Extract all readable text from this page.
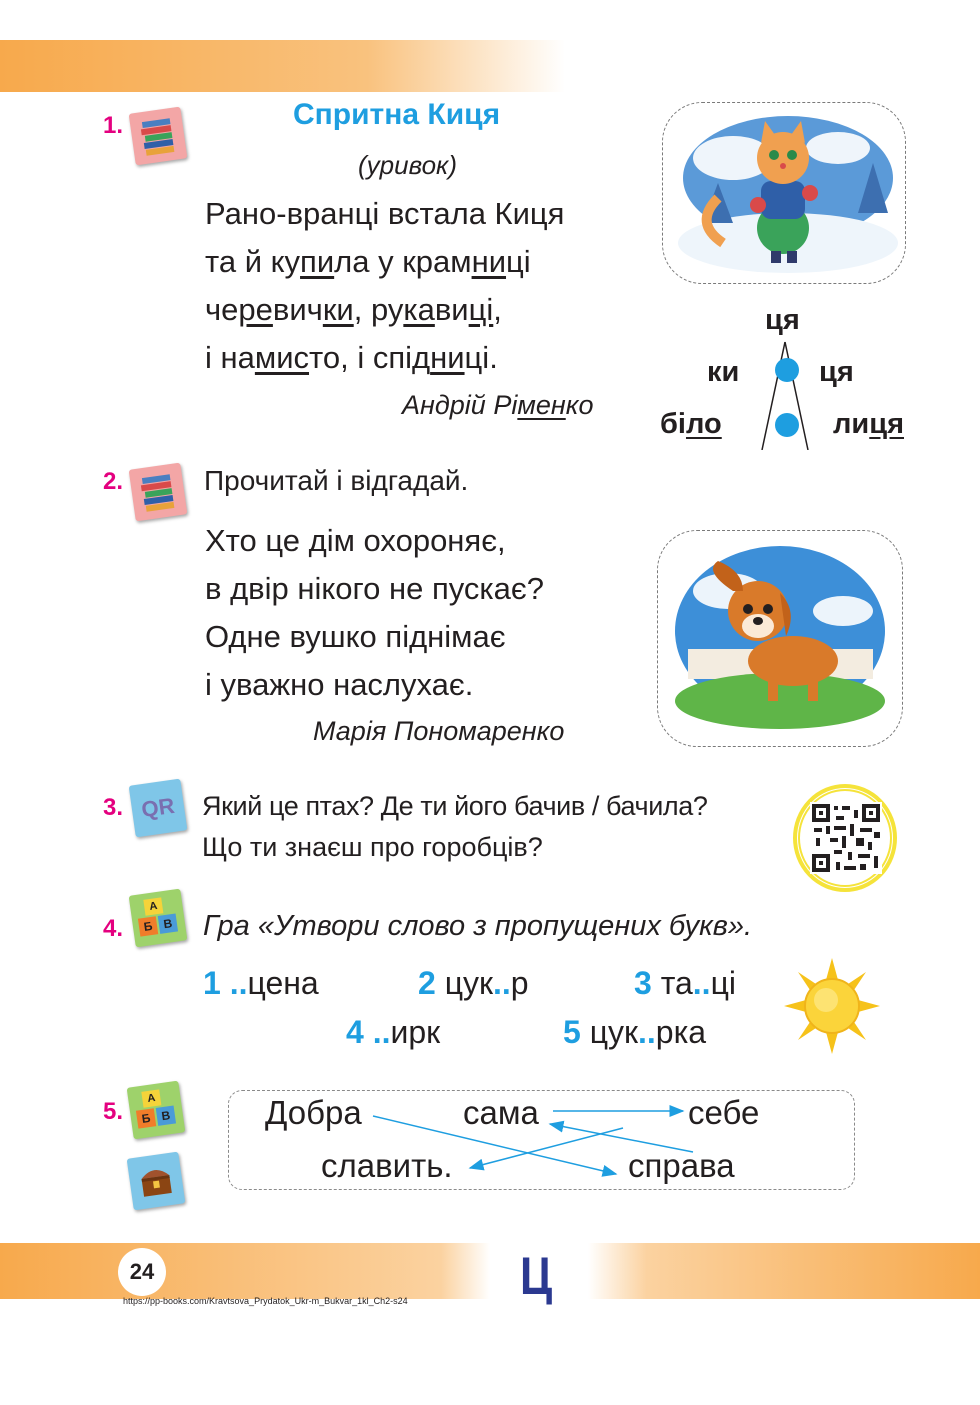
1.	Спритна Киця
(уривок)
Рано-вранці встала Киця
та й купила у крамниці
черевички, рукавиці,
і намисто, і спідниці.
Андрій Ріменко
ця
ки	ця
біло	лиця
2.	Прочитай і відгадай.
Хто це дім охороняє,
в двір нікого не пускає?
Одне вушко піднімає
і уважно наслухає.
Марія Пономаренко
3. QR Який це птах? Де ти його бачив / бачила?
Що ти знаєш про горобців?
4.
А
Б В Гра «Утвори слово з пропущених букв».
1 ..цена	2 цук..р	3 та..ці
4 ..ирк	5 цук..рка
5.	А
Б В	Добра	сама	себе
славить.	справа
24
https://pp-books.com/Kravtsova_Prydatok_Ukr-m_Bukvar_1kl_Ch2-s24	Ц
